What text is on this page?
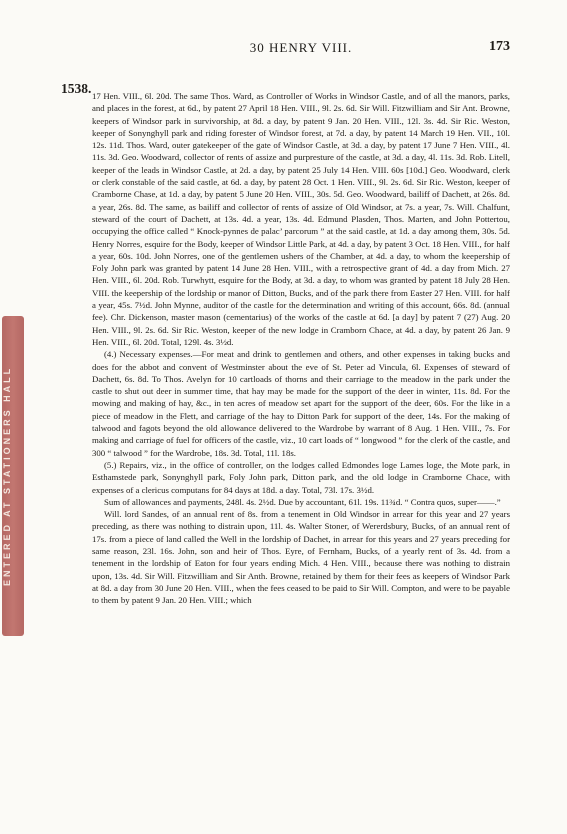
30 HENRY VIII.	173
1538.
ENTERED AT STATIONERS HALL

17 Hen. VIII., 6l. 20d. The same Thos. Ward, as Controller of Works in Windsor Castle, and of all the manors, parks, and places in the forest, at 6d., by patent 27 April 18 Hen. VIII., 9l. 2s. 6d. Sir Will. Fitzwilliam and Sir Ant. Browne, keepers of Windsor park in survivorship, at 8d. a day, by patent 9 Jan. 20 Hen. VIII., 12l. 3s. 4d. Sir Ric. Weston, keeper of Sonynghyll park and riding forester of Windsor forest, at 7d. a day, by patent 14 March 19 Hen. VII., 10l. 12s. 11d. Thos. Ward, outer gatekeeper of the gate of Windsor Castle, at 3d. a day, by patent 17 June 7 Hen. VIII., 4l. 11s. 3d. Geo. Woodward, collector of rents of assize and purpresture of the castle, at 3d. a day, 4l. 11s. 3d. Rob. Litell, keeper of the leads in Windsor Castle, at 2d. a day, by patent 25 July 14 Hen. VIII. 60s [10d.] Geo. Woodward, clerk or clerk constable of the said castle, at 6d. a day, by patent 28 Oct. 1 Hen. VIII., 9l. 2s. 6d. Sir Ric. Weston, keeper of Cramborne Chase, at 1d. a day, by patent 5 June 20 Hen. VIII., 30s. 5d. Geo. Woodward, bailiff of Dachett, at 26s. 8d. a year, 26s. 8d. The same, as bailiff and collector of rents of assize of Old Windsor, at 7s. a year, 7s. Will. Chalfunt, steward of the court of Dachett, at 13s. 4d. a year, 13s. 4d. Edmund Plasden, Thos. Marten, and John Pottertou, occupying the office called “ Knock-pynnes de palac’ parcorum ” at the said castle, at 1d. a day among them, 30s. 5d. Henry Norres, esquire for the Body, keeper of Windsor Little Park, at 4d. a day, by patent 3 Oct. 18 Hen. VIII., for half a year, 60s. 10d. John Norres, one of the gentlemen ushers of the Chamber, at 4d. a day, to whom the keepership of Foly John park was granted by patent 14 June 28 Hen. VIII., with a retrospective grant of 4d. a day from Mich. 27 Hen. VIII., 6l. 20d. Rob. Turwhytt, esquire for the Body, at 3d. a day, to whom was granted by patent 18 July 28 Hen. VIII. the keepership of the lordship or manor of Ditton, Bucks, and of the park there from Easter 27 Hen. VIII. for half a year, 45s. 7½d. John Mynne, auditor of the castle for the determination and writing of this account, 66s. 8d. (annual fee). Chr. Dickenson, master mason (cementarius) of the works of the castle at 6d. [a day] by patent 7 (27) Aug. 20 Hen. VIII., 9l. 2s. 6d. Sir Ric. Weston, keeper of the new lodge in Cramborn Chace, at 4d. a day, by patent 26 Jan. 9 Hen. VIII., 6l. 20d. Total, 129l. 4s. 3½d.

(4.) Necessary expenses.—For meat and drink to gentlemen and others, and other expenses in taking bucks and does for the abbot and convent of Westminster about the eve of St. Peter ad Vincula, 6l. Expenses of steward of Dachett, 6s. 8d. To Thos. Avelyn for 10 cartloads of thorns and their carriage to the meadow in the park under the castle to shut out deer in summer time, that hay may be made for the support of the deer in winter, 11s. 8d. For the mowing and making of hay, &c., in ten acres of meadow set apart for the support of the deer, 60s. For the like in a piece of meadow in the Flett, and carriage of the hay to Ditton Park for support of the deer, 14s. For the making of talwood and fagots beyond the old allowance delivered to the Wardrobe by warrant of 8 Aug. 1 Hen. VIII., 7s. For making and carriage of fuel for officers of the castle, viz., 10 cart loads of “ longwood ” for the clerk of the castle, and 300 “ talwood ” for the Wardrobe, 18s. 3d. Total, 11l. 18s.

(5.) Repairs, viz., in the office of controller, on the lodges called Edmondes loge Lames loge, the Mote park, in Esthamstede park, Sonynghyll park, Foly John park, Ditton park, and the old lodge in Cramborne Chace, with expenses of a clericus computans for 84 days at 18d. a day. Total, 73l. 17s. 3½d.

Sum of allowances and payments, 248l. 4s. 2½d. Due by accountant, 61l. 19s. 11¾d. “ Contra quos, super——.”

Will. lord Sandes, of an annual rent of 8s. from a tenement in Old Windsor in arrear for this year and 27 years preceding, as there was nothing to distrain upon, 11l. 4s. Walter Stoner, of Wererdsbury, Bucks, of an annual rent of 17s. from a piece of land called the Well in the lordship of Dachet, in arrear for this years and 27 years preceding for same reason, 23l. 16s. John, son and heir of Thos. Eyre, of Fernham, Bucks, of a yearly rent of 3s. 4d. from a tenement in the lordship of Eaton for four years ending Mich. 4 Hen. VIII., because there was nothing to distrain upon, 13s. 4d. Sir Will. Fitzwilliam and Sir Anth. Browne, retained by them for their fees as keepers of Windsor Park at 8d. a day from 30 June 20 Hen. VIII., when the fees ceased to be paid to Sir Will. Compton, and were to be payable to them by patent 9 Jan. 20 Hen. VIII.; which
